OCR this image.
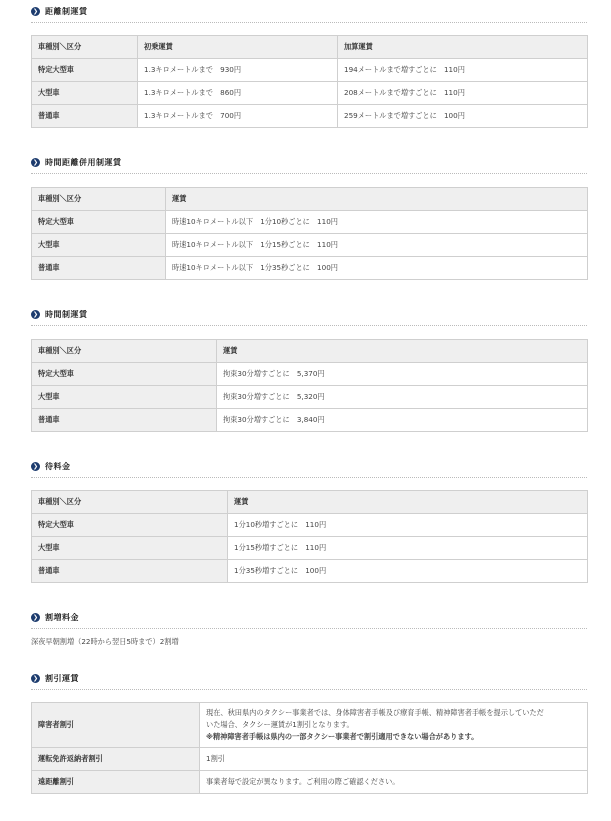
❯ 距離制運賃
車種別＼区分	初乗運賃	加算運賃
特定大型車	1.3キロメートルまで　930円	194メートルまで増すごとに　110円
大型車	1.3キロメートルまで　860円	208メートルまで増すごとに　110円
普通車	1.3キロメートルまで　700円	259メートルまで増すごとに　100円
❯ 時間距離併用制運賃
車種別＼区分	運賃
特定大型車	時速10キロメートル以下　1分10秒ごとに　110円
大型車	時速10キロメートル以下　1分15秒ごとに　110円
普通車	時速10キロメートル以下　1分35秒ごとに　100円
❯ 時間制運賃
車種別＼区分	運賃
特定大型車	拘束30分増すごとに　5,370円
大型車	拘束30分増すごとに　5,320円
普通車	拘束30分増すごとに　3,840円
❯ 待料金
車種別＼区分	運賃
特定大型車	1分10秒増すごとに　110円
大型車	1分15秒増すごとに　110円
普通車	1分35秒増すごとに　100円
❯ 割増料金
深夜早朝割増（22時から翌日5時まで）2割増
❯ 割引運賃
障害者割引	現在、秋田県内のタクシー事業者では、身体障害者手帳及び療育手帳、精神障害者手帳を提示していただ
いた場合、タクシー運賃が1割引となります。
※精神障害者手帳は県内の一部タクシー事業者で割引適用できない場合があります。

運転免許返納者割引	1割引
遠距離割引	事業者毎で設定が異なります。ご利用の際ご確認ください。
